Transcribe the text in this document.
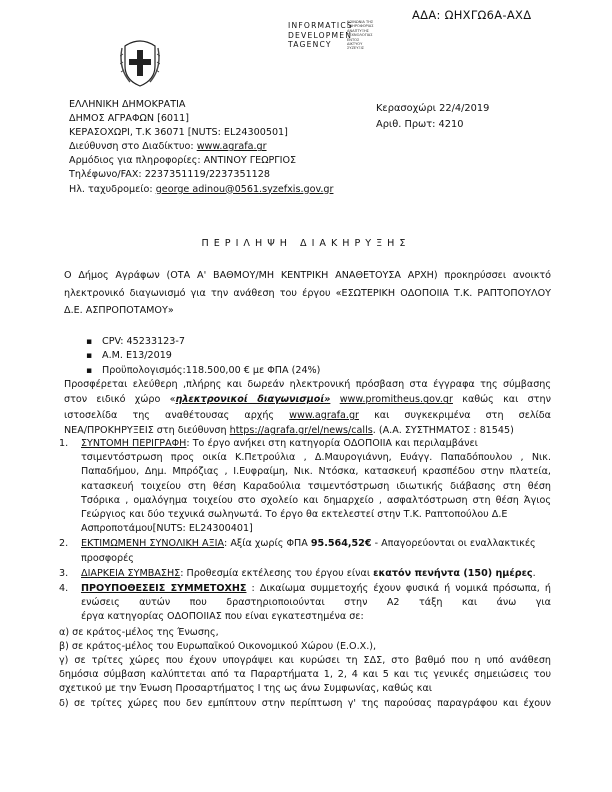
ΑΔΑ: ΩΗΧΓΩ6Α-ΑΧΔ
INFORMATICS
DEVELOPMEN
TAGENCY
ΚΟΙΝΩΝΙΑ ΤΗΣ
ΠΛΗΡΟΦΟΡΙΑΣ
ΑΝΑΠΤΥΞΗΣ
ΤΕΧΝΟΛΟΓΙΑΣ
ΕΝΤΟΣ
ΔΙΚΤΥΟΥ
ΣΥΖΕΥΞΙΣ
ΕΛΛΗΝΙΚΗ ΔΗΜΟΚΡΑΤΙΑ
ΔΗΜΟΣ ΑΓΡΑΦΩΝ [6011]
ΚΕΡΑΣΟΧΩΡΙ, Τ.Κ 36071 [NUTS: EL24300501]
Διεύθυνση στο Διαδίκτυο: www.agrafa.gr
Αρμόδιος για πληροφορίες: ΑΝΤΙΝΟΥ ΓΕΩΡΓΙΟΣ
Τηλέφωνο/FAX: 2237351119/2237351128
Ηλ. ταχυδρομείο: george adinou@0561.syzefxis.gov.gr
Κερασοχώρι 22/4/2019
Αριθ. Πρωτ: 4210
ΠΕΡΙΛΗΨΗ ΔΙΑΚΗΡΥΞΗΣ
Ο Δήμος Αγράφων (ΟΤΑ Α' ΒΑΘΜΟΥ/ΜΗ ΚΕΝΤΡΙΚΗ ΑΝΑΘΕΤΟΥΣΑ ΑΡΧΗ) προκηρύσσει ανοικτό
ηλεκτρονικό διαγωνισμό για την ανάθεση του έργου «ΕΣΩΤΕΡΙΚΗ ΟΔΟΠΟΙΙΑ Τ.Κ. ΡΑΠΤΟΠΟΥΛΟΥ
Δ.Ε. ΑΣΠΡΟΠΟΤΑΜΟΥ»
▪ CPV: 45233123-7
▪ Α.Μ. Ε13/2019
▪ Προϋπολογισμός:118.500,00 € με ΦΠΑ (24%)
Προσφέρεται ελεύθερη ,πλήρης και δωρεάν ηλεκτρονική πρόσβαση στα έγγραφα της σύμβασης
στον ειδικό χώρο «ηλεκτρονικοί διαγωνισμοί» www.promitheus.gov.gr καθώς και στην
ιστοσελίδα της αναθέτουσας αρχής www.agrafa.gr και συγκεκριμένα στη σελίδα
ΝΕΑ/ΠΡΟΚΗΡΥΞΕΙΣ στη διεύθυνση https://agrafa.gr/el/news/calls. (Α.Α. ΣΥΣΤΗΜΑΤΟΣ : 81545)
1. ΣΥΝΤΟΜΗ ΠΕΡΙΓΡΑΦΗ: Το έργο ανήκει στη κατηγορία ΟΔΟΠΟΙΙΑ και περιλαμβάνει
τσιμεντόστρωση προς οικία Κ.Πετρούλια , Δ.Μαυρογιάννη, Ευάγγ. Παπαδόπουλου , Νικ.
Παπαδήμου, Δημ. Μπρόζιας , Ι.Ευφραίμη, Νικ. Ντόσκα, κατασκευή κρασπέδου στην πλατεία,
κατασκευή τοιχείου στη θέση Καραδούλια τσιμεντόστρωση ιδιωτικής διάβασης στη θέση
Τσόρικα , ομαλόγημα τοιχείου στο σχολείο και δημαρχείο , ασφαλτόστρωση στη θέση Άγιος
Γεώργιος και δύο τεχνικά σωληνωτά. Το έργο θα εκτελεστεί στην Τ.Κ. Ραπτοπούλου Δ.Ε
Ασπροποτάμου[NUTS: EL24300401]
2. ΕΚΤΙΜΩΜΕΝΗ ΣΥΝΟΛΙΚΗ ΑΞΙΑ: Αξία χωρίς ΦΠΑ 95.564,52€ - Απαγορεύονται οι εναλλακτικές
προσφορές
3. ΔΙΑΡΚΕΙΑ ΣΥΜΒΑΣΗΣ: Προθεσμία εκτέλεσης του έργου είναι εκατόν πενήντα (150) ημέρες.
4. ΠΡΟΥΠΟΘΕΣΕΙΣ ΣΥΜΜΕΤΟΧΗΣ : Δικαίωμα συμμετοχής έχουν φυσικά ή νομικά πρόσωπα, ή
ενώσεις αυτών που δραστηριοποιούνται στην Α2 τάξη και άνω για
έργα κατηγορίας ΟΔΟΠΟΙΙΑΣ που είναι εγκατεστημένα σε:
α) σε κράτος-μέλος της Ένωσης,
β) σε κράτος-μέλος του Ευρωπαϊκού Οικονομικού Χώρου (Ε.Ο.Χ.),
γ) σε τρίτες χώρες που έχουν υπογράψει και κυρώσει τη ΣΔΣ, στο βαθμό που η υπό ανάθεση
δημόσια σύμβαση καλύπτεται από τα Παραρτήματα 1, 2, 4 και 5 και τις γενικές σημειώσεις του
σχετικού με την Ένωση Προσαρτήματος I της ως άνω Συμφωνίας, καθώς και
δ) σε τρίτες χώρες που δεν εμπίπτουν στην περίπτωση γ' της παρούσας παραγράφου και έχουν
